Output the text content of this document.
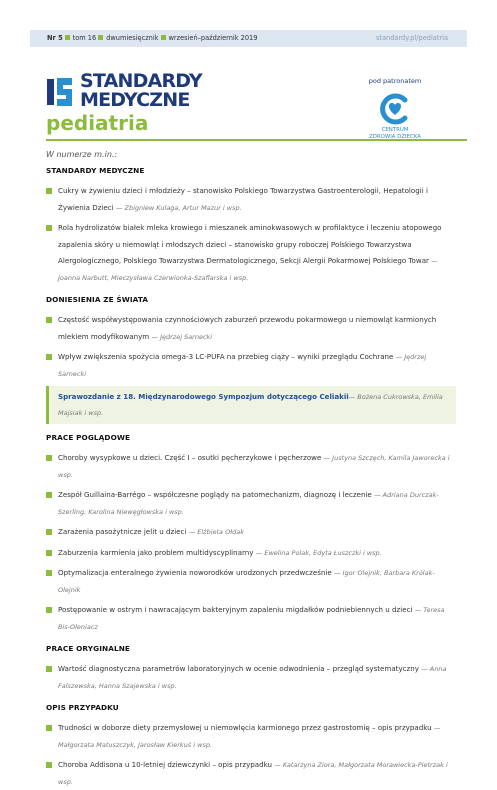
Nr 5 tom 16 dwumiesięcznik wrzesień–październik 2019	standardy.pl/pediatria
STANDARDY
MEDYCZNE
pediatria
pod patronatem
CENTRUM
ZDROWIA DZIECKA
W numerze m.in.:
STANDARDY MEDYCZNE

Cukry w żywieniu dzieci i młodzieży – stanowisko Polskiego Towarzystwa Gastroenterologii, Hepatologii i Żywienia Dzieci — Zbigniew Kulaga, Artur Mazur i wsp.

Rola hydrolizatów białek mleka krowiego i mieszanek aminokwasowych w profilaktyce i leczeniu atopowego zapalenia skóry u niemowląt i młodszych dzieci – stanowisko grupy roboczej Polskiego Towarzystwa Alergologicznego, Polskiego Towarzystwa Dermatologicznego, Sekcji Alergii Pokarmowej Polskiego Towar — Joanna Narbutt, Mieczysława Czerwionka-Szaflarska i wsp.

DONIESIENIA ZE ŚWIATA

Częstość współwystępowania czynnościowych zaburzeń przewodu pokarmowego u niemowląt karmionych mlekiem modyfikowanym — Jędrzej Sarnecki

Wpływ zwiększenia spożycia omega-3 LC-PUFA na przebieg ciąży – wyniki przeglądu Cochrane — Jędrzej Sarnecki

Sprawozdanie z 18. Międzynarodowego Sympozjum dotyczącego Celiakii— Bożena Cukrowska, Emilia Majsiak i wsp.
PRACE POGLĄDOWE

Choroby wysypkowe u dzieci. Część I – osutki pęcherzykowe i pęcherzowe — Justyna Szczęch, Kamila Jaworecka i wsp.

Zespół Guillaina-Barrégo – współczesne poglądy na patomechanizm, diagnozę i leczenie — Adriana Durczak-Szerling, Karolina Niewęgłowska i wsp.

Zarażenia pasożytnicze jelit u dzieci — Elżbieta Ołdak

Zaburzenia karmienia jako problem multidyscyplinarny — Ewelina Polak, Edyta Łuszczki i wsp.

Optymalizacja enteralnego żywienia noworodków urodzonych przedwcześnie — Igor Olejnik, Barbara Królak-Olejnik

Postępowanie w ostrym i nawracającym bakteryjnym zapaleniu migdałków podniebiennych u dzieci — Teresa Bis-Oleniacz

PRACE ORYGINALNE

Wartość diagnostyczna parametrów laboratoryjnych w ocenie odwodnienia – przegląd systematyczny — Anna Falszewska, Hanna Szajewska i wsp.

OPIS PRZYPADKU

Trudności w doborze diety przemysłowej u niemowlęcia karmionego przez gastrostomię – opis przypadku — Małgorzata Matuszczyk, Jarosław Kierkuś i wsp.

Choroba Addisona u 10-letniej dziewczynki – opis przypadku — Katarzyna Ziora, Małgorzata Morawiecka-Pietrzak i wsp.
